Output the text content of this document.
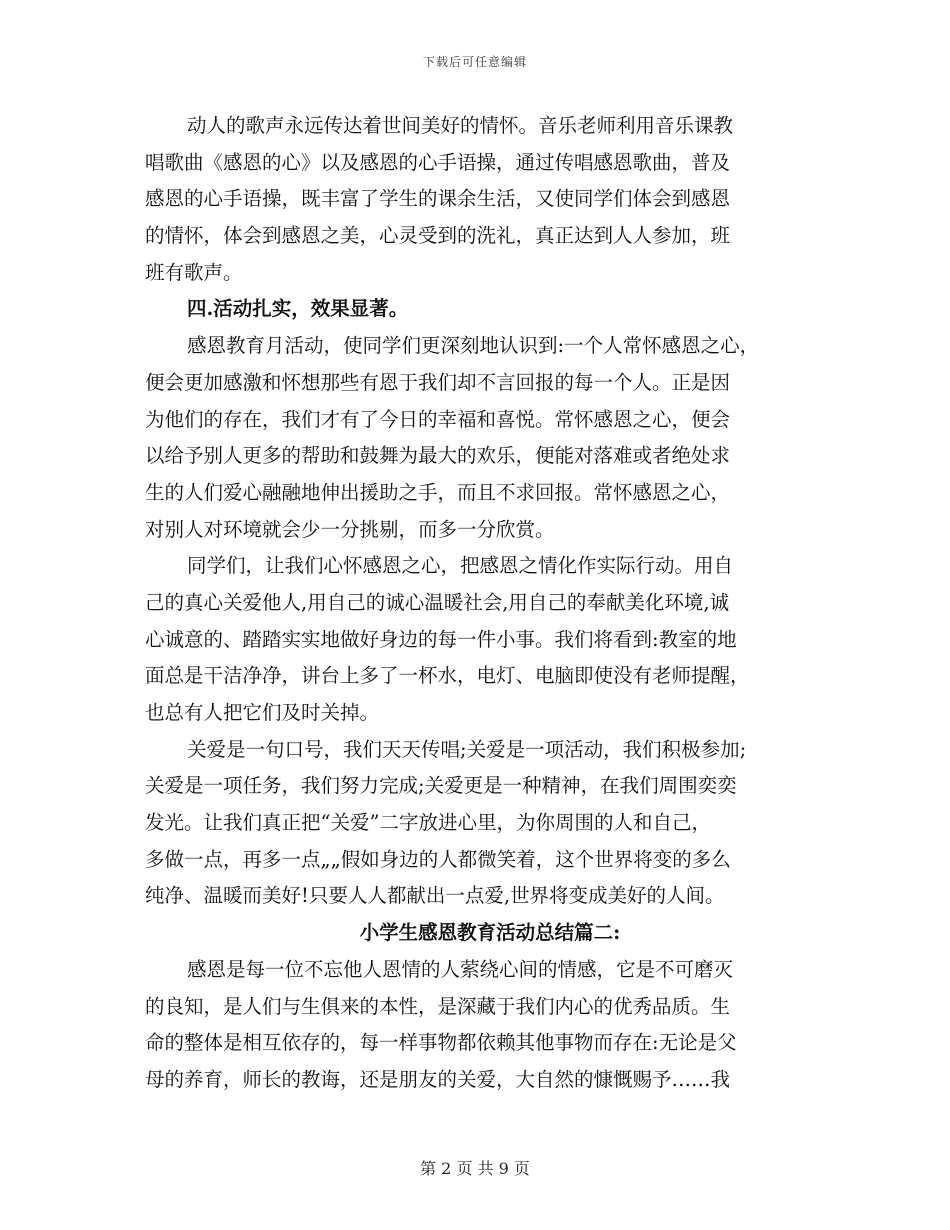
下载后可任意编辑
动人的歌声永远传达着世间美好的情怀。音乐老师利用音乐课教
唱歌曲《感恩的心》以及感恩的心手语操，通过传唱感恩歌曲，普及
感恩的心手语操，既丰富了学生的课余生活，又使同学们体会到感恩
的情怀，体会到感恩之美，心灵受到的洗礼，真正达到人人参加，班
班有歌声。
四.活动扎实，效果显著。
感恩教育月活动，使同学们更深刻地认识到:一个人常怀感恩之心，
便会更加感激和怀想那些有恩于我们却不言回报的每一个人。正是因
为他们的存在，我们才有了今日的幸福和喜悦。常怀感恩之心，便会
以给予别人更多的帮助和鼓舞为最大的欢乐，便能对落难或者绝处求
生的人们爱心融融地伸出援助之手，而且不求回报。常怀感恩之心，
对别人对环境就会少一分挑剔，而多一分欣赏。
同学们，让我们心怀感恩之心，把感恩之情化作实际行动。用自
己的真心关爱他人,用自己的诚心温暖社会,用自己的奉献美化环境,诚
心诚意的、踏踏实实地做好身边的每一件小事。我们将看到:教室的地
面总是干洁净净，讲台上多了一杯水，电灯、电脑即使没有老师提醒，
也总有人把它们及时关掉。
关爱是一句口号，我们天天传唱;关爱是一项活动，我们积极参加;
关爱是一项任务，我们努力完成;关爱更是一种精神，在我们周围奕奕
发光。让我们真正把“关爱”二字放进心里，为你周围的人和自己，
多做一点，再多一点„„假如身边的人都微笑着，这个世界将变的多么
纯净、温暖而美好!只要人人都献出一点爱,世界将变成美好的人间。
小学生感恩教育活动总结篇二:
感恩是每一位不忘他人恩情的人萦绕心间的情感，它是不可磨灭
的良知，是人们与生俱来的本性，是深藏于我们内心的优秀品质。生
命的整体是相互依存的，每一样事物都依赖其他事物而存在:无论是父
母的养育，师长的教诲，还是朋友的关爱，大自然的慷慨赐予……我
第 2 页 共 9 页
